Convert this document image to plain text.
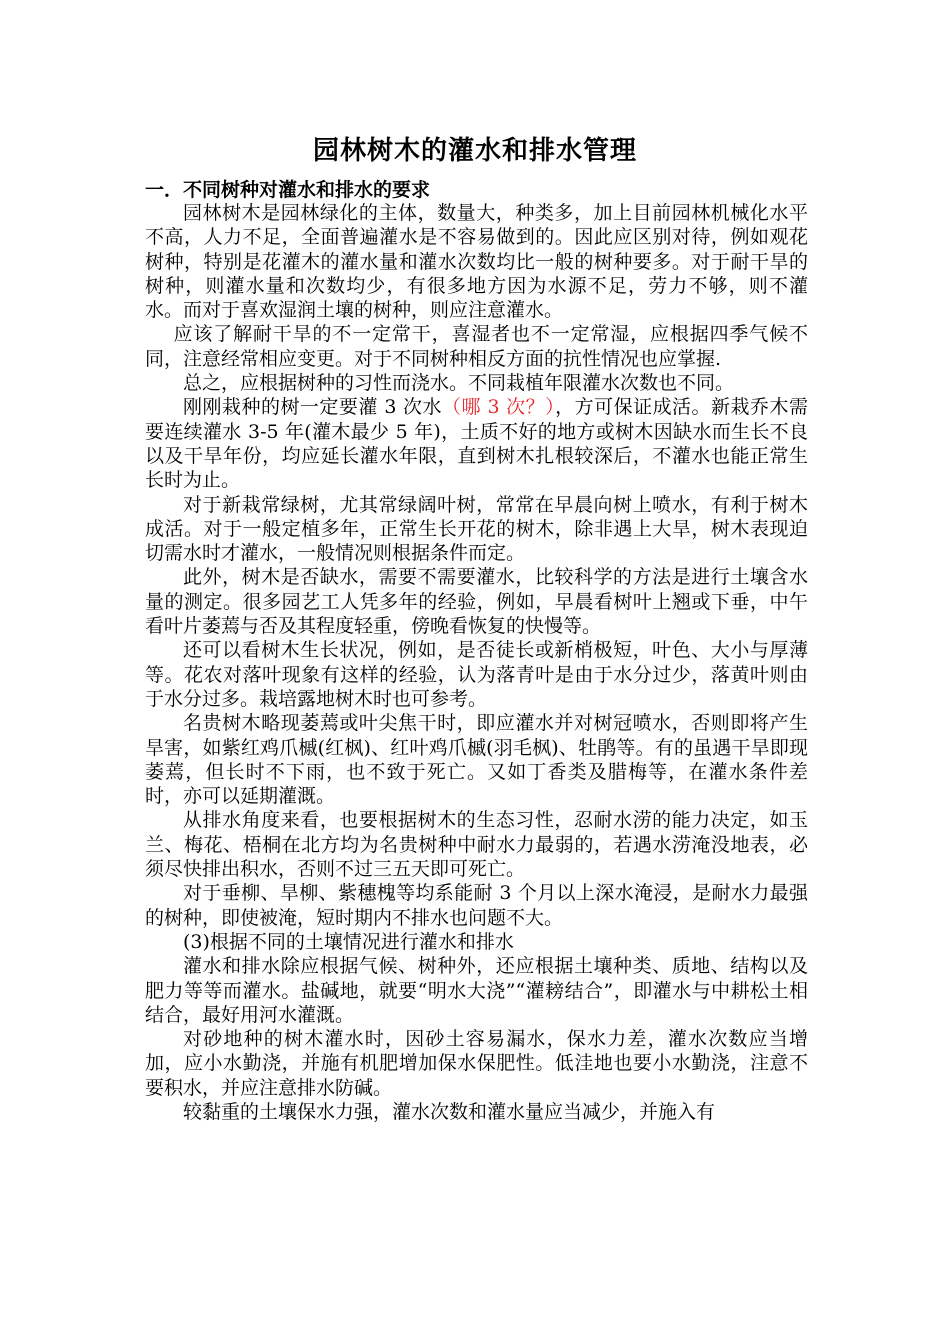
园林树木的灌水和排水管理
一．不同树种对灌水和排水的要求

园林树木是园林绿化的主体，数量大，种类多，加上目前园林机械化水平不高，人力不足，全面普遍灌水是不容易做到的。因此应区别对待，例如观花树种，特别是花灌木的灌水量和灌水次数均比一般的树种要多。对于耐干旱的树种，则灌水量和次数均少，有很多地方因为水源不足，劳力不够，则不灌水。而对于喜欢湿润土壤的树种，则应注意灌水。

应该了解耐干旱的不一定常干，喜湿者也不一定常湿，应根据四季气候不同，注意经常相应变更。对于不同树种相反方面的抗性情况也应掌握.

总之，应根据树种的习性而浇水。不同栽植年限灌水次数也不同。

刚刚栽种的树一定要灌 3 次水（哪 3 次？），方可保证成活。新栽乔木需要连续灌水 3-5 年(灌木最少 5 年)，土质不好的地方或树木因缺水而生长不良以及干旱年份，均应延长灌水年限，直到树木扎根较深后，不灌水也能正常生长时为止。

对于新栽常绿树，尤其常绿阔叶树，常常在早晨向树上喷水，有利于树木成活。对于一般定植多年，正常生长开花的树木，除非遇上大旱，树木表现迫切需水时才灌水，一般情况则根据条件而定。

此外，树木是否缺水，需要不需要灌水，比较科学的方法是进行土壤含水量的测定。很多园艺工人凭多年的经验，例如，早晨看树叶上翘或下垂，中午看叶片萎蔫与否及其程度轻重，傍晚看恢复的快慢等。

还可以看树木生长状况，例如，是否徒长或新梢极短，叶色、大小与厚薄等。花农对落叶现象有这样的经验，认为落青叶是由于水分过少，落黄叶则由于水分过多。栽培露地树木时也可参考。

名贵树木略现萎蔫或叶尖焦干时，即应灌水并对树冠喷水，否则即将产生旱害，如紫红鸡爪槭(红枫)、红叶鸡爪槭(羽毛枫)、牡鹃等。有的虽遇干旱即现萎蔫，但长时不下雨，也不致于死亡。又如丁香类及腊梅等，在灌水条件差时，亦可以延期灌溉。

从排水角度来看，也要根据树木的生态习性，忍耐水涝的能力决定，如玉兰、梅花、梧桐在北方均为名贵树种中耐水力最弱的，若遇水涝淹没地表，必须尽快排出积水，否则不过三五天即可死亡。

对于垂柳、旱柳、紫穗槐等均系能耐 3 个月以上深水淹浸，是耐水力最强的树种，即使被淹，短时期内不排水也问题不大。

(3)根据不同的土壤情况进行灌水和排水

灌水和排水除应根据气候、树种外，还应根据土壤种类、质地、结构以及肥力等等而灌水。盐碱地，就要“明水大浇”“灌耪结合”，即灌水与中耕松土相结合，最好用河水灌溉。

对砂地种的树木灌水时，因砂土容易漏水，保水力差，灌水次数应当增加，应小水勤浇，并施有机肥增加保水保肥性。低洼地也要小水勤浇，注意不要积水，并应注意排水防碱。

较黏重的土壤保水力强，灌水次数和灌水量应当减少，并施入有
